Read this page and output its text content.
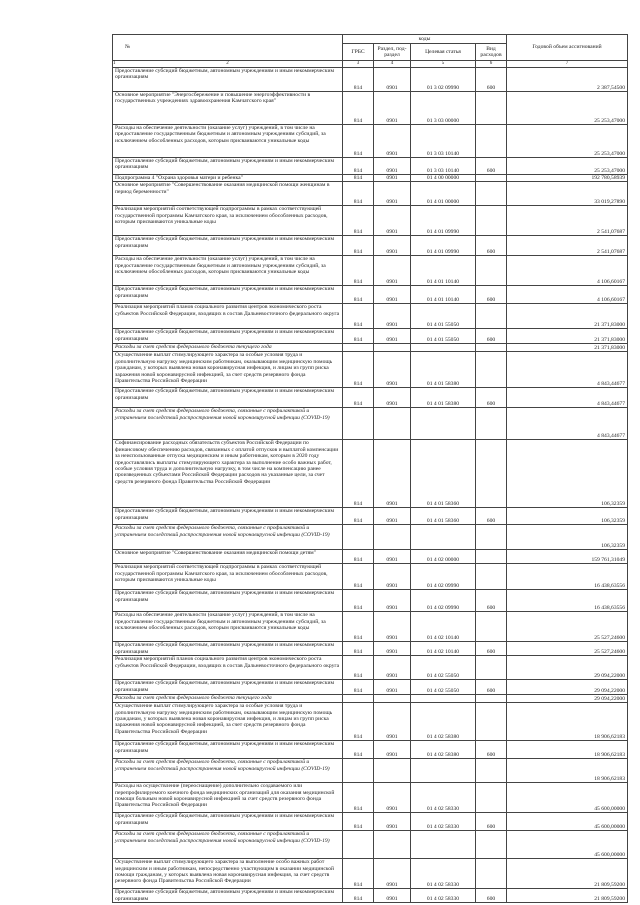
№	коды				Годовой объем ассигнований
	ГРБС	Раздел, под-раздел	Целевая статья	Вид расходов	
2	3	4	5	6	7
Предоставление субсидий бюджетным, автономным учреждениям и иным некоммерческим организациям	814	0901	01 3 02 09990	600	2 387,54500
Основное мероприятие "Энергосбережение и повышение энергоэффективности в государственных учреждениях здравоохранения Камчатского края"	814	0901	01 3 03 00000		25 253,47000
Расходы на обеспечение деятельности (оказание услуг) учреждений, в том числе на предоставление государственным бюджетным и автономным учреждениям субсидий, за исключением обособленных расходов, которым присваиваются уникальные коды	814	0901	01 3 03 10140		25 253,47000
Предоставление субсидий бюджетным, автономным учреждениям и иным некоммерческим организациям	814	0901	01 3 03 10140	600	25 253,47000
Подпрограмма 4 "Охрана здоровья матери и ребенка"	814	0901	01 4 00 00000		192 780,58939
Основное мероприятие "Совершенствование оказания медицинской помощи женщинам в период беременности"	814	0901	01 4 01 00000		33 019,27890
Реализация мероприятий соответствующей подпрограммы в рамках соответствующей государственной программы Камчатского края, за исключением обособленных расходов, которым присваиваются уникальные коды	814	0901	01 4 01 09990		2 541,07687
Предоставление субсидий бюджетным, автономным учреждениям и иным некоммерческим организациям	814	0901	01 4 01 09990	600	2 541,07687
Расходы на обеспечение деятельности (оказание услуг) учреждений, в том числе на предоставление государственным бюджетным и автономным учреждениям субсидий, за исключением обособленных расходов, которым присваиваются уникальные коды	814	0901	01 4 01 10140		4 106,60167
Предоставление субсидий бюджетным, автономным учреждениям и иным некоммерческим организациям	814	0901	01 4 01 10140	600	4 106,60167
Реализация мероприятий планов социального развития центров экономического роста субъектов Российской Федерации, входящих в состав Дальневосточного федерального округа	814	0901	01 4 01 55050		21 371,83000
Предоставление субсидий бюджетным, автономным учреждениям и иным некоммерческим организациям	814	0901	01 4 01 55050	600	21 371,83000
Расходы за счет средств федерального бюджета текущего года					21 371,83000
Осуществление выплат стимулирующего характера за особые условия труда и дополнительную нагрузку медицинским работникам, оказывающим медицинскую помощь гражданам, у которых выявлена новая коронавирусная инфекция, и лицам из групп риска заражения новой коронавирусной инфекцией, за счет средств резервного фонда Правительства Российской Федерации	814	0901	01 4 01 58380		4 843,44677
Предоставление субсидий бюджетным, автономным учреждениям и иным некоммерческим организациям	814	0901	01 4 01 58380	600	4 843,44677
Расходы за счет средств федерального бюджета, связанные с профилактикой и устранением последствий распространения новой коронавирусной инфекции (COVID-19)					4 843,44677
Софинансирование расходных обязательств субъектов Российской Федерации по финансовому обеспечению расходов, связанных с оплатой отпусков и выплатой компенсации за неиспользованные отпуска медицинским и иным работникам, которым в 2020 году предоставлялись выплаты стимулирующего характера за выполнение особо важных работ, особые условия труда и дополнительную нагрузку, в том числе на компенсацию ранее произведенных субъектами Российской Федерации расходов на указанные цели, за счет средств резервного фонда Правительства Российской Федерации	814	0901	01 4 01 58360		106,32359
Предоставление субсидий бюджетным, автономным учреждениям и иным некоммерческим организациям	814	0901	01 4 01 58360	600	106,32359
Расходы за счет средств федерального бюджета, связанные с профилактикой и устранением последствий распространения новой коронавирусной инфекции (COVID-19)					106,32359
Основное мероприятие "Совершенствование оказания медицинской помощи детям"	814	0901	01 4 02 00000		159 761,31049
Реализация мероприятий соответствующей подпрограммы в рамках соответствующей государственной программы Камчатского края, за исключением обособленных расходов, которым присваиваются уникальные коды	814	0901	01 4 02 09990		16 438,63556
Предоставление субсидий бюджетным, автономным учреждениям и иным некоммерческим организациям	814	0901	01 4 02 09990	600	16 438,63556
Расходы на обеспечение деятельности (оказание услуг) учреждений, в том числе на предоставление государственным бюджетным и автономным учреждениям субсидий, за исключением обособленных расходов, которым присваиваются уникальные коды	814	0901	01 4 02 10140		25 527,24600
Предоставление субсидий бюджетным, автономным учреждениям и иным некоммерческим организациям	814	0901	01 4 02 10140	600	25 527,24600
Реализация мероприятий планов социального развития центров экономического роста субъектов Российской Федерации, входящих в состав Дальневосточного федерального округа	814	0901	01 4 02 55050		29 094,22000
Предоставление субсидий бюджетным, автономным учреждениям и иным некоммерческим организациям	814	0901	01 4 02 55050	600	29 094,22000
Расходы за счет средств федерального бюджета текущего года					29 094,22000
Осуществление выплат стимулирующего характера за особые условия труда и дополнительную нагрузку медицинским работникам, оказывающим медицинскую помощь гражданам, у которых выявлена новая коронавирусная инфекция, и лицам из групп риска заражения новой коронавирусной инфекцией, за счет средств резервного фонда Правительства Российской Федерации	814	0901	01 4 02 58380		18 906,62183
Предоставление субсидий бюджетным, автономным учреждениям и иным некоммерческим организациям	814	0901	01 4 02 58380	600	18 906,62183
Расходы за счет средств федерального бюджета, связанные с профилактикой и устранением последствий распространения новой коронавирусной инфекции (COVID-19)					18 906,62183
Расходы на осуществление (переоснащение) дополнительно создаваемого или перепрофилируемого коечного фонда медицинских организаций для оказания медицинской помощи больным новой коронавирусной инфекцией за счет средств резервного фонда Правительства Российской Федерации	814	0901	01 4 02 58330		45 600,00000
Предоставление субсидий бюджетным, автономным учреждениям и иным некоммерческим организациям	814	0901	01 4 02 58330	600	45 600,00000
Расходы за счет средств федерального бюджета, связанные с профилактикой и устранением последствий распространения новой коронавирусной инфекции (COVID-19)					45 600,00000
Осуществление выплат стимулирующего характера за выполнение особо важных работ медицинским и иным работникам, непосредственно участвующим в оказании медицинской помощи гражданам, у которых выявлена новая коронавирусная инфекция, за счет средств резервного фонда Правительства Российской Федерации	814	0901	01 4 02 58330		21 809,59200
Предоставление субсидий бюджетным, автономным учреждениям и иным некоммерческим организациям	814	0901	01 4 02 58330	600	21 809,59200
1
